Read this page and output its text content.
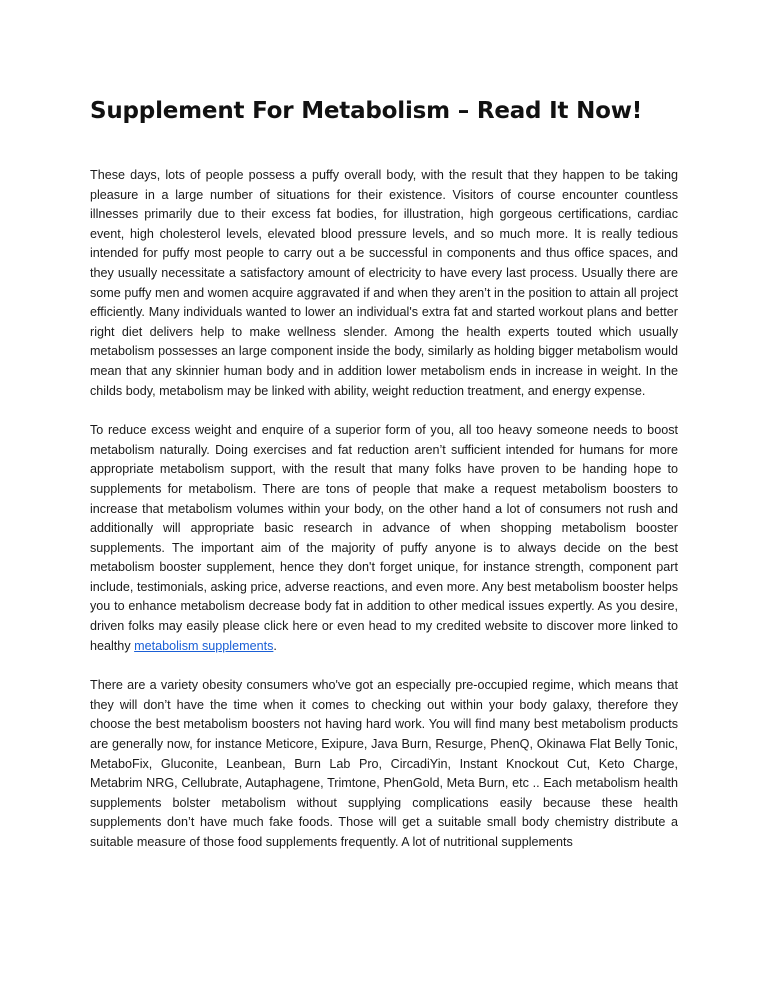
Supplement For Metabolism – Read It Now!

These days, lots of people possess a puffy overall body, with the result that they happen to be taking pleasure in a large number of situations for their existence. Visitors of course encounter countless illnesses primarily due to their excess fat bodies, for illustration, high gorgeous certifications, cardiac event, high cholesterol levels, elevated blood pressure levels, and so much more. It is really tedious intended for puffy most people to carry out a be successful in components and thus office spaces, and they usually necessitate a satisfactory amount of electricity to have every last process. Usually there are some puffy men and women acquire aggravated if and when they aren’t in the position to attain all project efficiently. Many individuals wanted to lower an individual's extra fat and started workout plans and better right diet delivers help to make wellness slender. Among the health experts touted which usually metabolism possesses an large component inside the body, similarly as holding bigger metabolism would mean that any skinnier human body and in addition lower metabolism ends in increase in weight. In the childs body, metabolism may be linked with ability, weight reduction treatment, and energy expense.

To reduce excess weight and enquire of a superior form of you, all too heavy someone needs to boost metabolism naturally. Doing exercises and fat reduction aren’t sufficient intended for humans for more appropriate metabolism support, with the result that many folks have proven to be handing hope to supplements for metabolism. There are tons of people that make a request metabolism boosters to increase that metabolism volumes within your body, on the other hand a lot of consumers not rush and additionally will appropriate basic research in advance of when shopping metabolism booster supplements. The important aim of the majority of puffy anyone is to always decide on the best metabolism booster supplement, hence they don't forget unique, for instance strength, component part include, testimonials, asking price, adverse reactions, and even more. Any best metabolism booster helps you to enhance metabolism decrease body fat in addition to other medical issues expertly. As you desire, driven folks may easily please click here or even head to my credited website to discover more linked to healthy metabolism supplements.

There are a variety obesity consumers who've got an especially pre-occupied regime, which means that they will don’t have the time when it comes to checking out within your body galaxy, therefore they choose the best metabolism boosters not having hard work. You will find many best metabolism products are generally now, for instance Meticore, Exipure, Java Burn, Resurge, PhenQ, Okinawa Flat Belly Tonic, MetaboFix, Gluconite, Leanbean, Burn Lab Pro, CircadiYin, Instant Knockout Cut, Keto Charge, Metabrim NRG, Cellubrate, Autaphagene, Trimtone, PhenGold, Meta Burn, etc .. Each metabolism health supplements bolster metabolism without supplying complications easily because these health supplements don’t have much fake foods. Those will get a suitable small body chemistry distribute a suitable measure of those food supplements frequently. A lot of nutritional supplements
